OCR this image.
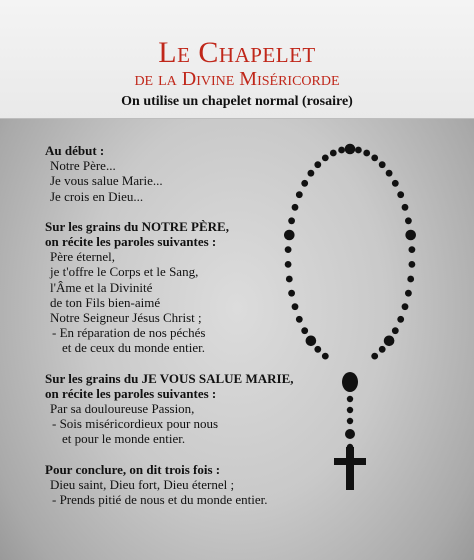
Le Chapelet
de la Divine Miséricorde
On utilise un chapelet normal (rosaire)
Au début :
Notre Père...
Je vous salue Marie...
Je crois en Dieu...
Sur les grains du NOTRE PÈRE,
on récite les paroles suivantes :
Père éternel,
je t'offre le Corps et le Sang,
l'Âme et la Divinité
de ton Fils bien-aimé
Notre Seigneur Jésus Christ ;
- En réparation de nos péchés
et de ceux du monde entier.
Sur les grains du JE VOUS SALUE MARIE,
on récite les paroles suivantes :
Par sa douloureuse Passion,
- Sois miséricordieux pour nous
et pour le monde entier.
Pour conclure, on dit trois fois :
Dieu saint, Dieu fort, Dieu éternel ;
- Prends pitié de nous et du monde entier.
